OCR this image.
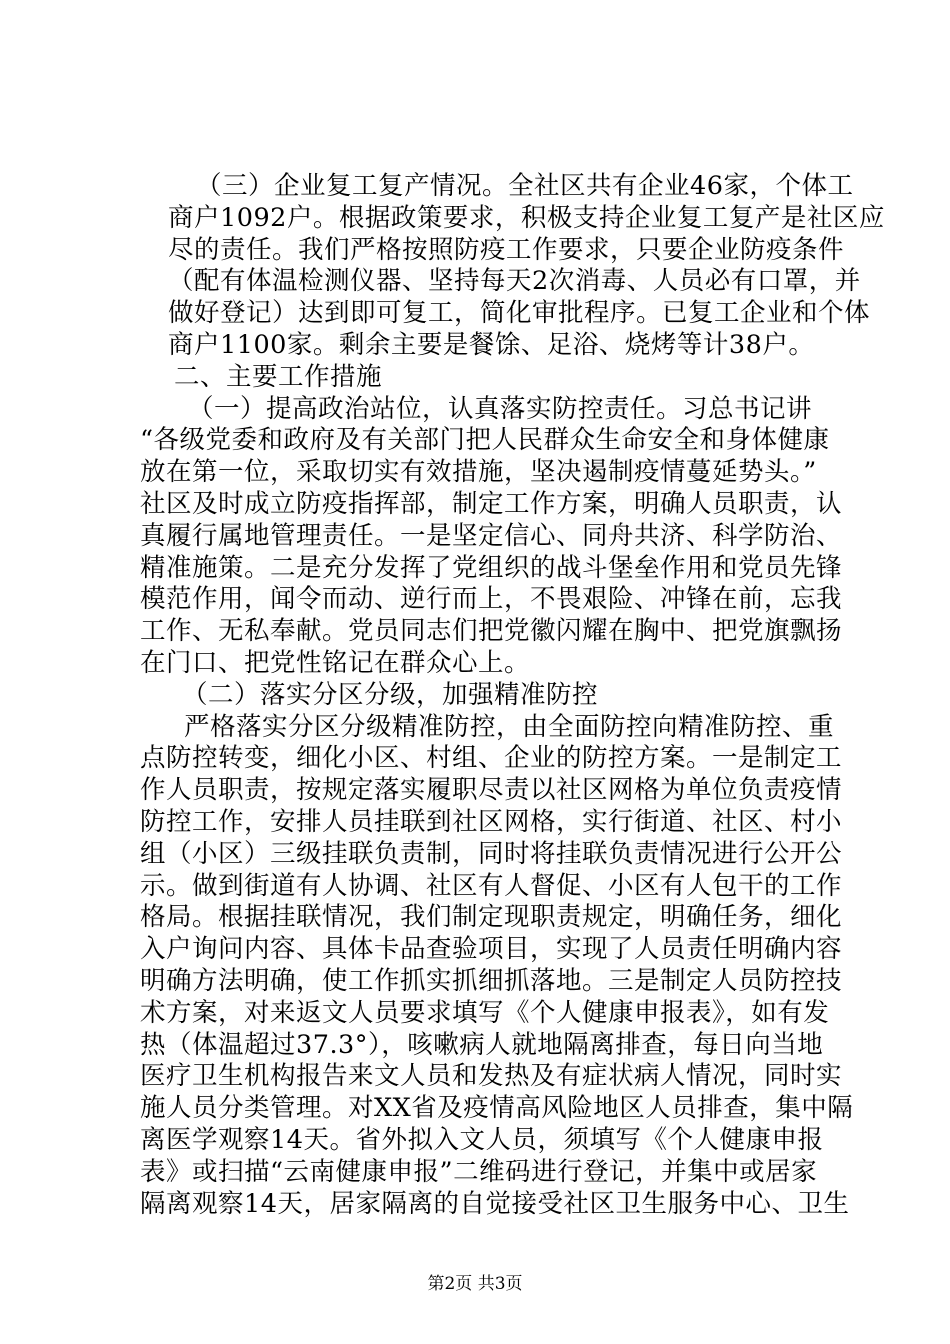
（三）企业复工复产情况。全社区共有企业46家，个体工
商户1092户。根据政策要求，积极支持企业复工复产是社区应
尽的责任。我们严格按照防疫工作要求，只要企业防疫条件
（配有体温检测仪器、坚持每天2次消毒、人员必有口罩，并
做好登记）达到即可复工，简化审批程序。已复工企业和个体
商户1100家。剩余主要是餐馀、足浴、烧烤等计38户。
二、主要工作措施
（一）提高政治站位，认真落实防控责任。习总书记讲
“各级党委和政府及有关部门把人民群众生命安全和身体健康
放在第一位，采取切实有效措施，坚决遏制疫情蔓延势头。”
社区及时成立防疫指挥部，制定工作方案，明确人员职责，认
真履行属地管理责任。一是坚定信心、同舟共济、科学防治、
精准施策。二是充分发挥了党组织的战斗堡垒作用和党员先锋
模范作用，闻令而动、逆行而上，不畏艰险、冲锋在前，忘我
工作、无私奉献。党员同志们把党徽闪耀在胸中、把党旗飘扬
在门口、把党性铭记在群众心上。
（二）落实分区分级，加强精准防控
严格落实分区分级精准防控，由全面防控向精准防控、重
点防控转变，细化小区、村组、企业的防控方案。一是制定工
作人员职责，按规定落实履职尽责以社区网格为单位负责疫情
防控工作，安排人员挂联到社区网格，实行街道、社区、村小
组（小区）三级挂联负责制，同时将挂联负责情况进行公开公
示。做到街道有人协调、社区有人督促、小区有人包干的工作
格局。根据挂联情况，我们制定现职责规定，明确任务，细化
入户询问内容、具体卡品查验项目，实现了人员责任明确内容
明确方法明确，使工作抓实抓细抓落地。三是制定人员防控技
术方案，对来返文人员要求填写《个人健康申报表》，如有发
热（体温超过37.3°），咳嗽病人就地隔离排查，每日向当地
医疗卫生机构报告来文人员和发热及有症状病人情况，同时实
施人员分类管理。对XX省及疫情高风险地区人员排查，集中隔
离医学观察14天。省外拟入文人员，须填写《个人健康申报
表》或扫描“云南健康申报”二维码进行登记，并集中或居家
隔离观察14天，居家隔离的自觉接受社区卫生服务中心、卫生
第2页 共3页
